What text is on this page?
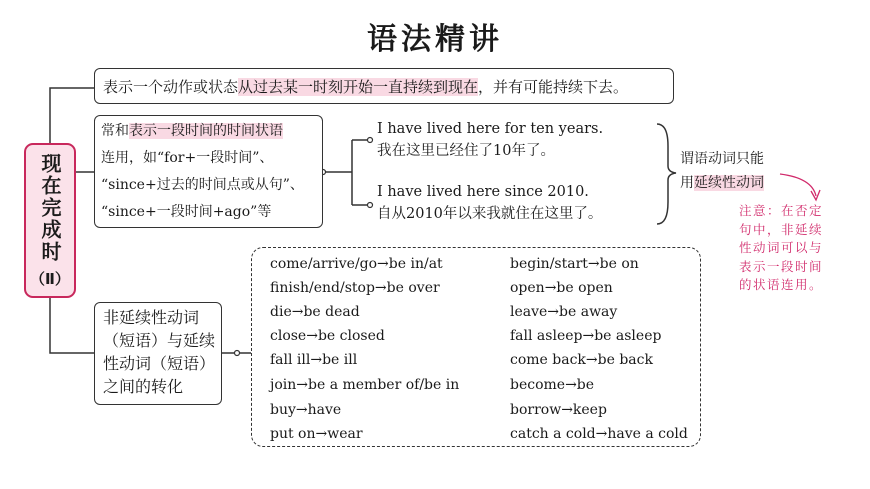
语法精讲
现在完成时
（Ⅱ）
表示一个动作或状态从过去某一时刻开始一直持续到现在，并有可能持续下去。
常和表示一段时间的时间状语
连用，如“for+一段时间”、
“since+过去的时间点或从句”、
“since+一段时间+ago”等
I have lived here for ten years.
我在这里已经住了10年了。
I have lived here since 2010.
自从2010年以来我就住在这里了。
谓语动词只能
用延续性动词
注意：在否定
句中，非延续
性动词可以与
表示一段时间
的状语连用。
非延续性动词
（短语）与延续
性动词（短语）
之间的转化
come/arrive/go→be in/at
finish/end/stop→be over
die→be dead
close→be closed
fall ill→be ill
join→be a member of/be in
buy→have
put on→wear
begin/start→be on
open→be open
leave→be away
fall asleep→be asleep
come back→be back
become→be
borrow→keep
catch a cold→have a cold
